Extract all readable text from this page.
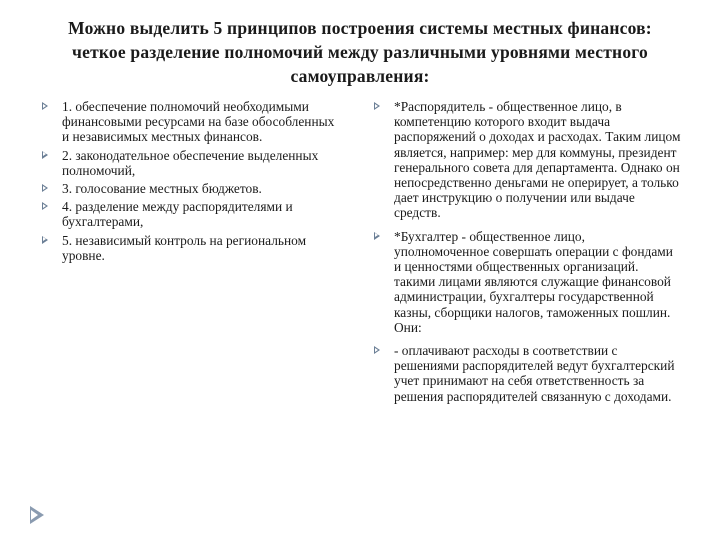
Можно выделить 5 принципов построения системы местных финансов: четкое разделение полномочий между различными уровнями местного самоуправления:
1. обеспечение полномочий необходимыми финансовыми ресурсами на базе обособленных и независимых местных финансов.
2. законодательное обеспечение выделенных полномочий,
3. голосование местных бюджетов.
4. разделение между распорядителями и бухгалтерами,
5. независимый контроль на региональном уровне.
*Распорядитель - общественное лицо, в компетенцию которого входит выдача распоряжений о доходах и расходах. Таким лицом является, например: мер для коммуны, президент генерального совета для департамента. Однако он непосредственно деньгами не оперирует, а только дает инструкцию о получении или выдаче средств.
*Бухгалтер - общественное лицо, уполномоченное совершать операции с фондами и ценностями общественных организаций. такими лицами являются служащие финансовой администрации, бухгалтеры государственной казны, сборщики налогов, таможенных пошлин. Они:
- оплачивают расходы в соответствии с решениями распорядителей ведут бухгалтерский учет принимают на себя ответственность за решения распорядителей связанную с доходами.
